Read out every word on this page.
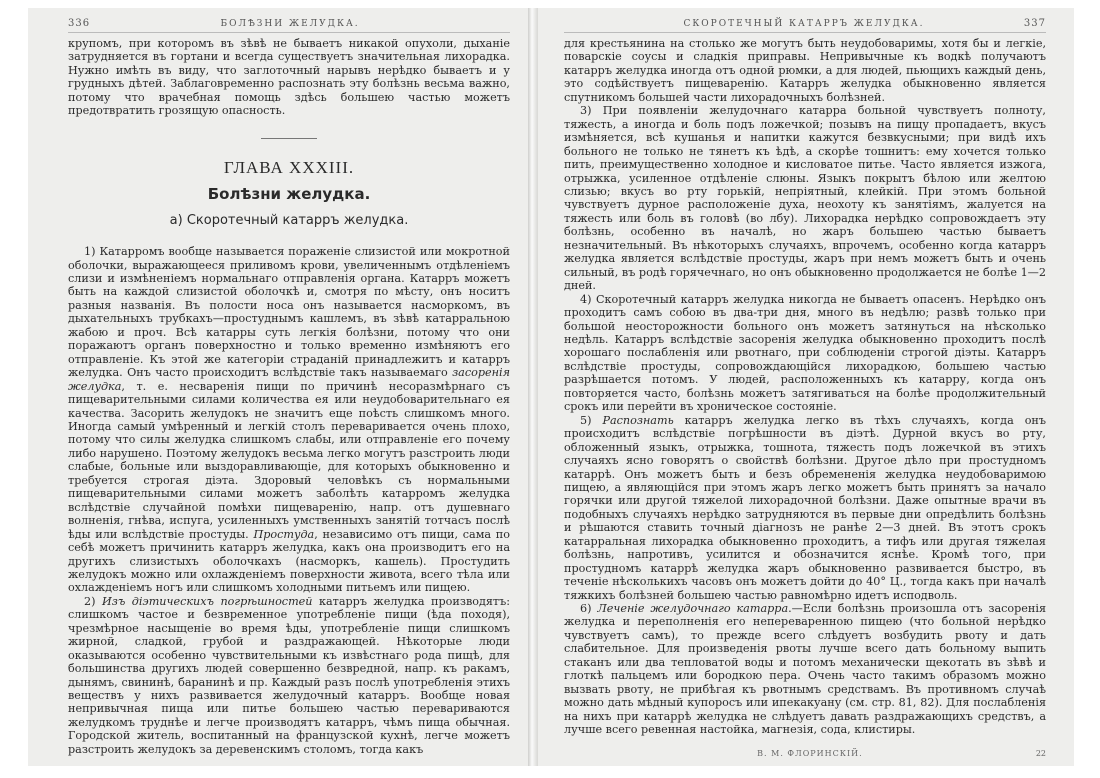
336	БОЛѢЗНИ ЖЕЛУДКА.

крупомъ, при которомъ въ зѣвѣ не бываетъ никакой опухоли, дыханіе затрудняется въ гортани и всегда существуетъ значительная лихорадка. Нужно имѣть въ виду, что заглоточный нарывъ нерѣдко бываетъ и у грудныхъ дѣтей. Заблаговременно распознать эту болѣзнь весьма важно, потому что врачебная помощь здѣсь большею частью можетъ предотвратить грозящую опасность.

ГЛАВА XXXIII.
Болѣзни желудка.
а) Скоротечный катарръ желудка.

1) Катарромъ вообще называется пораженіе слизистой или мокротной оболочки, выражающееся приливомъ крови, увеличеннымъ отдѣленіемъ слизи и измѣненіемъ нормальнаго отправленія органа. Катарръ можетъ быть на каждой слизистой оболочкѣ и, смотря по мѣсту, онъ носитъ разныя названія. Въ полости носа онъ называется насморкомъ, въ дыхательныхъ трубкахъ—простуднымъ кашлемъ, въ зѣвѣ катарральною жабою и проч. Всѣ катарры суть легкія болѣзни, потому что они поражаютъ органъ поверхностно и только временно измѣняютъ его отправленіе. Къ этой же категоріи страданій принадлежитъ и катарръ желудка. Онъ часто происходитъ вслѣдствіе такъ называемаго засоренія желудка, т. е. несваренія пищи по причинѣ несоразмѣрнаго съ пищеварительными силами количества ея или неудобоварительнаго ея качества. Засорить желудокъ не значитъ еще поѣсть слишкомъ много. Иногда самый умѣренный и легкій столъ переваривается очень плохо, потому что силы желудка слишкомъ слабы, или отправленіе его почему либо нарушено. Поэтому желудокъ весьма легко могутъ разстроить люди слабые, больные или выздоравливающіе, для которыхъ обыкновенно и требуется строгая діэта. Здоровый человѣкъ съ нормальными пищеварительными силами можетъ заболѣть катарромъ желудка вслѣдствіе случайной помѣхи пищеваренію, напр. отъ душевнаго волненія, гнѣва, испуга, усиленныхъ умственныхъ занятій тотчасъ послѣ ѣды или вслѣдствіе простуды. Простуда, независимо отъ пищи, сама по себѣ можетъ причинить катарръ желудка, какъ она производитъ его на другихъ слизистыхъ оболочкахъ (насморкъ, кашель). Простудить желудокъ можно или охлажденіемъ поверхности живота, всего тѣла или охлажденіемъ ногъ или слишкомъ холодными питьемъ или пищею.

2) Изъ діэтическихъ погрѣшностей катарръ желудка производятъ: слишкомъ частое и безвременное употребленіе пищи (ѣда походя), чрезмѣрное насыщеніе во время ѣды, употребленіе пищи слишкомъ жирной, сладкой, грубой и раздражающей. Нѣкоторые люди оказываются особенно чувствительными къ извѣстнаго рода пищѣ, для большинства другихъ людей совершенно безвредной, напр. къ ракамъ, дынямъ, свининѣ, баранинѣ и пр. Каждый разъ послѣ употребленія этихъ веществъ у нихъ развивается желудочный катарръ. Вообще новая непривычная пища или питье большею частью перевариваются желудкомъ труднѣе и легче производятъ катарръ, чѣмъ пища обычная. Городской житель, воспитанный на французской кухнѣ, легче можетъ разстроить желудокъ за деревенскимъ столомъ, тогда какъ

СКОРОТЕЧНЫЙ КАТАРРЪ ЖЕЛУДКА.	337

для крестьянина на столько же могутъ быть неудобоваримы, хотя бы и легкіе, поварскіе соусы и сладкія приправы. Непривычные къ водкѣ получаютъ катарръ желудка иногда отъ одной рюмки, а для людей, пьющихъ каждый день, это содѣйствуетъ пищеваренію. Катарръ желудка обыкновенно является спутникомъ большей части лихорадочныхъ болѣзней.

3) При появленіи желудочнаго катарра больной чувствуетъ полноту, тяжесть, а иногда и боль подъ ложечкой; позывъ на пищу пропадаетъ, вкусъ измѣняется, всѣ кушанья и напитки кажутся безвкусными; при видѣ ихъ больного не только не тянетъ къ ѣдѣ, а скорѣе тошнитъ: ему хочется только пить, преимущественно холодное и кисловатое питье. Часто является изжога, отрыжка, усиленное отдѣленіе слюны. Языкъ покрытъ бѣлою или желтою слизью; вкусъ во рту горькій, непріятный, клейкій. При этомъ больной чувствуетъ дурное расположеніе духа, неохоту къ занятіямъ, жалуется на тяжесть или боль въ головѣ (во лбу). Лихорадка нерѣдко сопровождаетъ эту болѣзнь, особенно въ началѣ, но жаръ большею частью бываетъ незначительный. Въ нѣкоторыхъ случаяхъ, впрочемъ, особенно когда катарръ желудка является вслѣдствіе простуды, жаръ при немъ можетъ быть и очень сильный, въ родѣ горячечнаго, но онъ обыкновенно продолжается не болѣе 1—2 дней.

4) Скоротечный катарръ желудка никогда не бываетъ опасенъ. Нерѣдко онъ проходитъ самъ собою въ два-три дня, много въ недѣлю; развѣ только при большой неосторожности больного онъ можетъ затянуться на нѣсколько недѣль. Катарръ вслѣдствіе засоренія желудка обыкновенно проходитъ послѣ хорошаго послабленія или рвотнаго, при соблюденіи строгой діэты. Катарръ вслѣдствіе простуды, сопровождающійся лихорадкою, большею частью разрѣшается потомъ. У людей, расположенныхъ къ катарру, когда онъ повторяется часто, болѣзнь можетъ затягиваться на болѣе продолжительный срокъ или перейти въ хроническое состояніе.

5) Распознать катарръ желудка легко въ тѣхъ случаяхъ, когда онъ происходитъ вслѣдствіе погрѣшности въ діэтѣ. Дурной вкусъ во рту, обложенный языкъ, отрыжка, тошнота, тяжесть подъ ложечкой въ этихъ случаяхъ ясно говорятъ о свойствѣ болѣзни. Другое дѣло при простудномъ катаррѣ. Онъ можетъ быть и безъ обремененія желудка неудобоваримою пищею, а являющійся при этомъ жаръ легко можетъ быть принятъ за начало горячки или другой тяжелой лихорадочной болѣзни. Даже опытные врачи въ подобныхъ случаяхъ нерѣдко затрудняются въ первые дни опредѣлить болѣзнь и рѣшаются ставить точный діагнозъ не ранѣе 2—3 дней. Въ этотъ срокъ катарральная лихорадка обыкновенно проходитъ, а тифъ или другая тяжелая болѣзнь, напротивъ, усилится и обозначится яснѣе. Кромѣ того, при простудномъ катаррѣ желудка жаръ обыкновенно развивается быстро, въ теченіе нѣсколькихъ часовъ онъ можетъ дойти до 40° Ц., тогда какъ при началѣ тяжкихъ болѣзней большею частью равномѣрно идетъ исподволь.

6) Леченіе желудочнаго катарра.—Если болѣзнь произошла отъ засоренія желудка и переполненія его непереваренною пищею (что больной нерѣдко чувствуетъ самъ), то прежде всего слѣдуетъ возбудить рвоту и дать слабительное. Для произведенія рвоты лучше всего дать больному выпить стаканъ или два тепловатой воды и потомъ механически щекотать въ зѣвѣ и глоткѣ пальцемъ или бородкою пера. Очень часто такимъ образомъ можно вызвать рвоту, не прибѣгая къ рвотнымъ средствамъ. Въ противномъ случаѣ можно дать мѣдный купоросъ или ипекакуану (см. стр. 81, 82). Для послабленія на нихъ при катаррѣ желудка не слѣдуетъ давать раздражающихъ средствъ, а лучше всего ревенная настойка, магнезія, сода, клистиры.

В. М. ФЛОРИНСКІЙ.	22
